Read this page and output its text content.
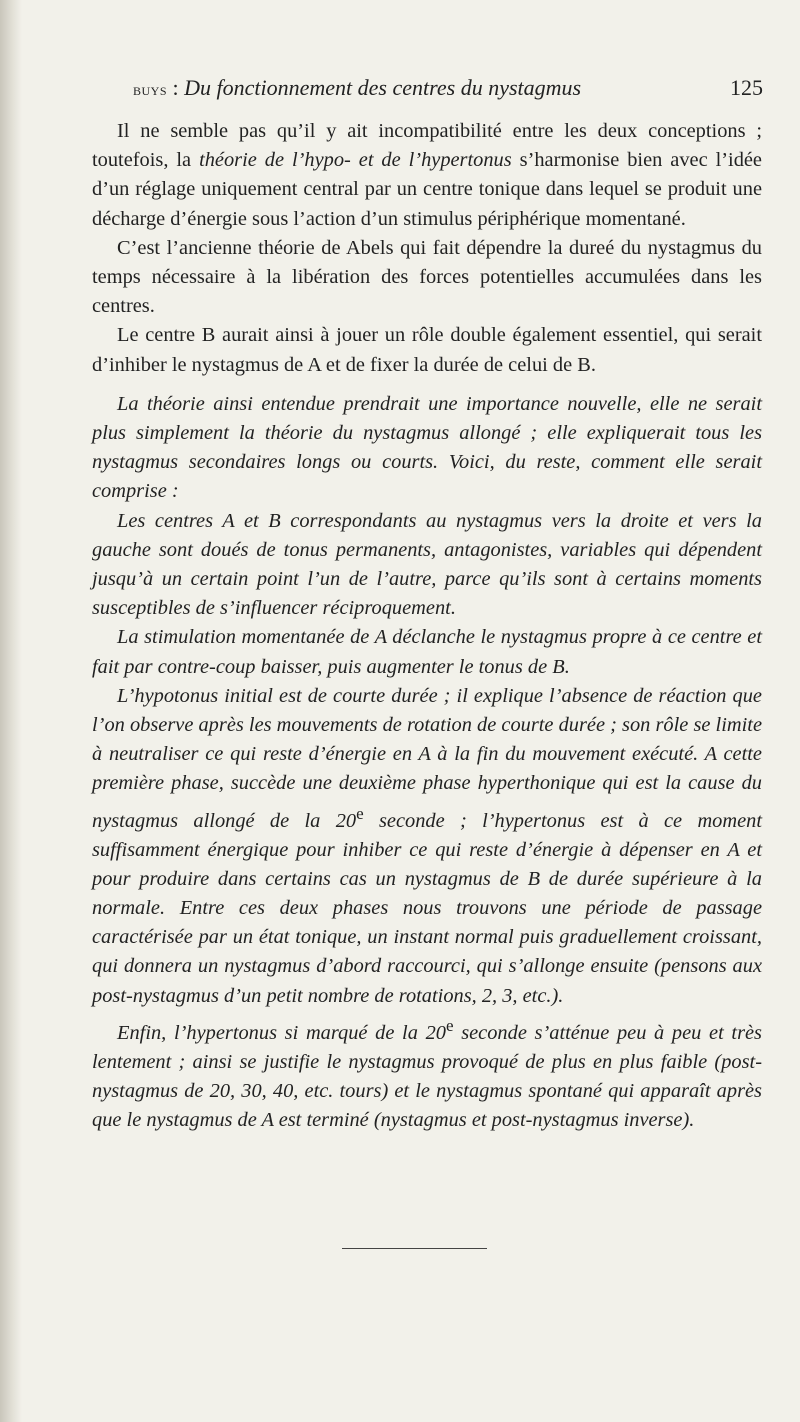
buys : Du fonctionnement des centres du nystagmus	125

Il ne semble pas qu’il y ait incompatibilité entre les deux conceptions ; toutefois, la théorie de l’hypo- et de l’hypertonus s’harmonise bien avec l’idée d’un réglage uniquement central par un centre tonique dans lequel se produit une décharge d’énergie sous l’action d’un stimulus périphérique momentané.

C’est l’ancienne théorie de Abels qui fait dépendre la dureé du nystagmus du temps nécessaire à la libération des forces potentielles accumulées dans les centres.

Le centre B aurait ainsi à jouer un rôle double également essentiel, qui serait d’inhiber le nystagmus de A et de fixer la durée de celui de B.

La théorie ainsi entendue prendrait une importance nouvelle, elle ne serait plus simplement la théorie du nystagmus allongé ; elle expliquerait tous les nystagmus secondaires longs ou courts. Voici, du reste, comment elle serait comprise :

Les centres A et B correspondants au nystagmus vers la droite et vers la gauche sont doués de tonus permanents, antagonistes, variables qui dépendent jusqu’à un certain point l’un de l’autre, parce qu’ils sont à certains moments susceptibles de s’influencer réciproquement.

La stimulation momentanée de A déclanche le nystagmus propre à ce centre et fait par contre-coup baisser, puis augmenter le tonus de B.

L’hypotonus initial est de courte durée ; il explique l’absence de réaction que l’on observe après les mouvements de rotation de courte durée ; son rôle se limite à neutraliser ce qui reste d’énergie en A à la fin du mouvement exécuté. A cette première phase, succède une deuxième phase hyperthonique qui est la cause du nystagmus allongé de la 20e seconde ; l’hypertonus est à ce moment suffisamment énergique pour inhiber ce qui reste d’énergie à dépenser en A et pour produire dans certains cas un nystagmus de B de durée supérieure à la normale. Entre ces deux phases nous trouvons une période de passage caractérisée par un état tonique, un instant normal puis graduellement croissant, qui donnera un nystagmus d’abord raccourci, qui s’allonge ensuite (pensons aux post-nystagmus d’un petit nombre de rotations, 2, 3, etc.).

Enfin, l’hypertonus si marqué de la 20e seconde s’atténue peu à peu et très lentement ; ainsi se justifie le nystagmus provoqué de plus en plus faible (post-nystagmus de 20, 30, 40, etc. tours) et le nystagmus spontané qui apparaît après que le nystagmus de A est terminé (nystagmus et post-nystagmus inverse).
